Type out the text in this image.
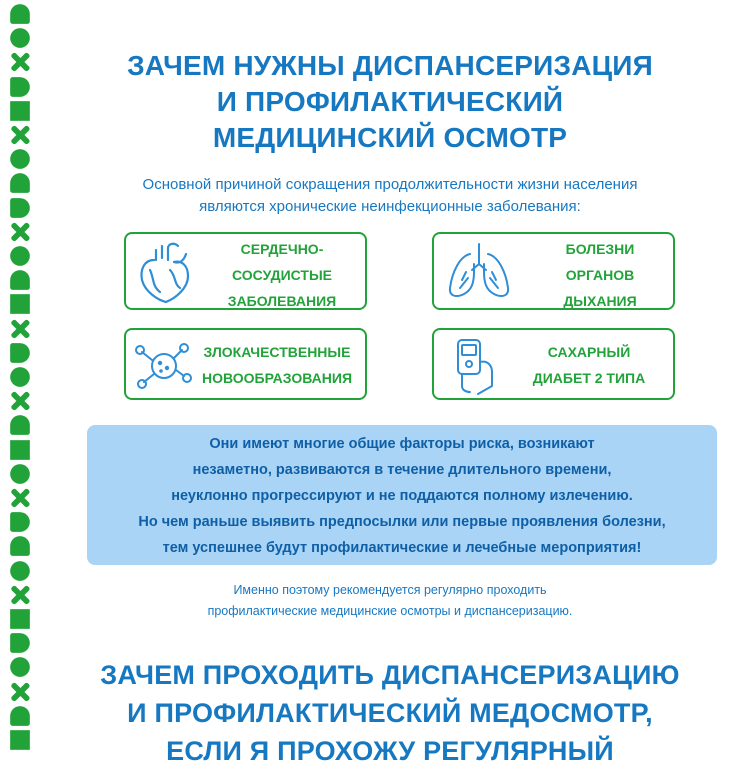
ЗАЧЕМ НУЖНЫ ДИСПАНСЕРИЗАЦИЯ
И ПРОФИЛАКТИЧЕСКИЙ
МЕДИЦИНСКИЙ ОСМОТР
Основной причиной сокращения продолжительности жизни населения
являются хронические неинфекционные заболевания:
СЕРДЕЧНО-
СОСУДИСТЫЕ
ЗАБОЛЕВАНИЯ
БОЛЕЗНИ
ОРГАНОВ
ДЫХАНИЯ
ЗЛОКАЧЕСТВЕННЫЕ
НОВООБРАЗОВАНИЯ
САХАРНЫЙ
ДИАБЕТ 2 ТИПА
Они имеют многие общие факторы риска, возникают
незаметно, развиваются в течение длительного времени,
неуклонно прогрессируют и не поддаются полному излечению.
Но чем раньше выявить предпосылки или первые проявления болезни,
тем успешнее будут профилактические и лечебные мероприятия!
Именно поэтому рекомендуется регулярно проходить
профилактические медицинские осмотры и диспансеризацию.
ЗАЧЕМ ПРОХОДИТЬ ДИСПАНСЕРИЗАЦИЮ
И ПРОФИЛАКТИЧЕСКИЙ МЕДОСМОТР,
ЕСЛИ Я ПРОХОЖУ РЕГУЛЯРНЫЙ
